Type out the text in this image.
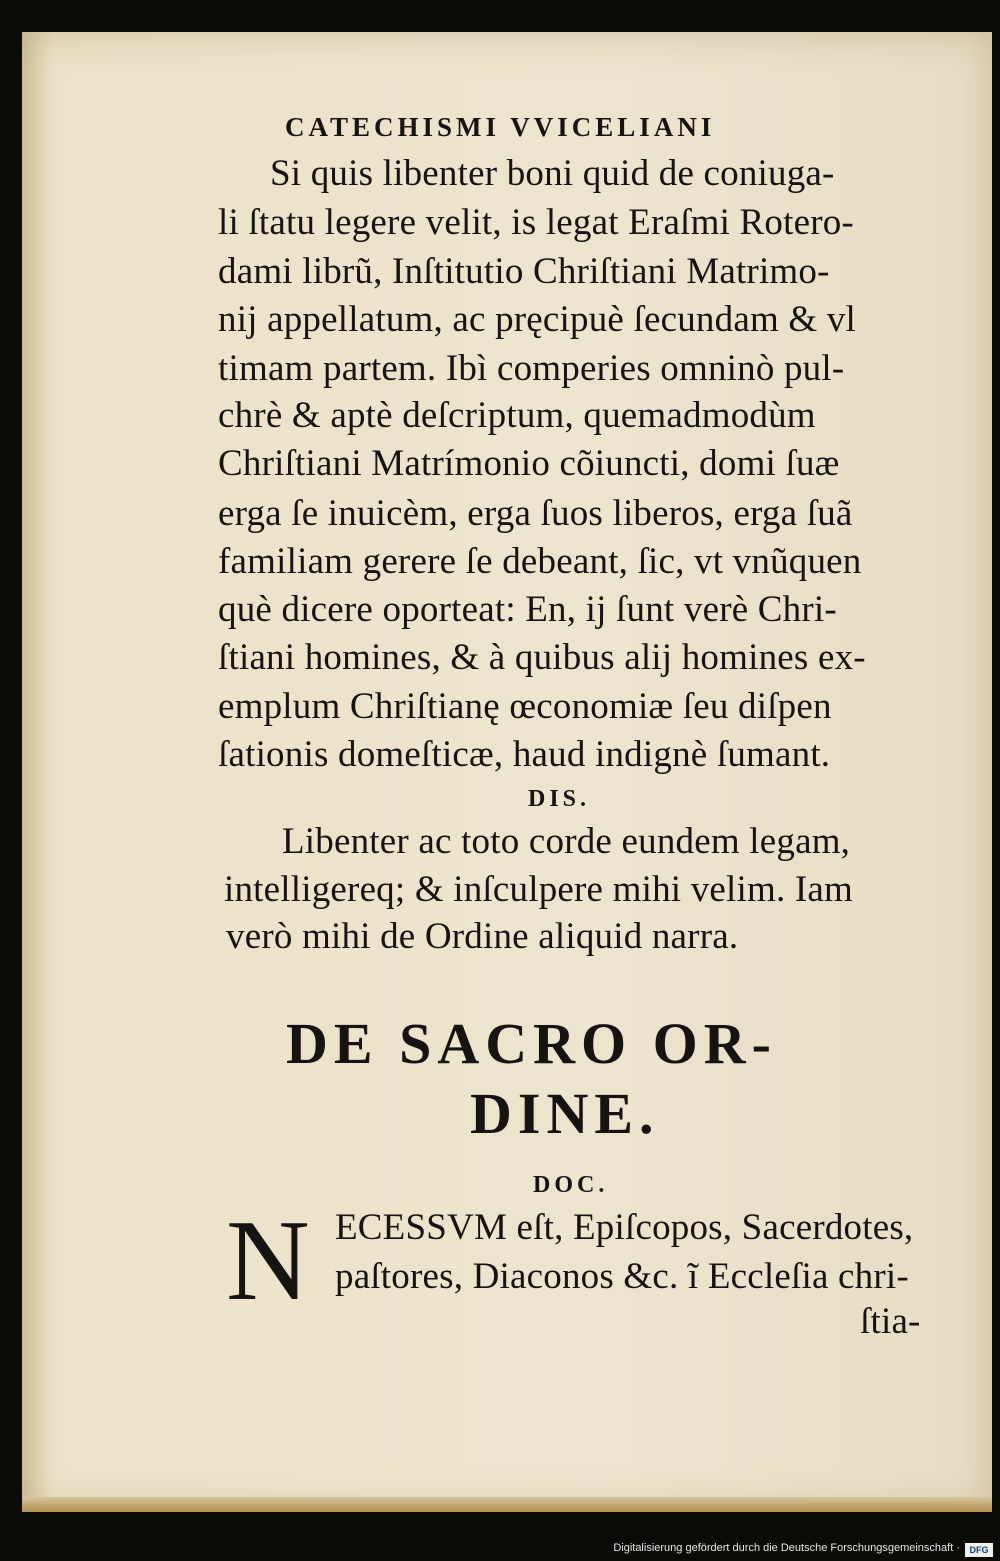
CATECHISMI VVICELIANI
Si quis libenter boni quid de coniuga-
li ſtatu legere velit, is legat Eraſmi Rotero-
dami librũ, Inſtitutio Chriſtiani Matrimo-
nij appellatum, ac pręcipuè ſecundam & vl
timam partem. Ibì comperies omninò pul-
chrè & aptè deſcriptum, quemadmodùm
Chriſtiani Matrímonio cõiuncti, domi ſuæ
erga ſe inuicèm, erga ſuos liberos, erga ſuã
familiam gerere ſe debeant, ſic, vt vnũquen
què dicere oporteat: En, ij ſunt verè Chri-
ſtiani homines, & à quibus alij homines ex-
emplum Chriſtianę œconomiæ ſeu diſpen
ſationis domeſticæ, haud indignè ſumant.
DIS.
Libenter ac toto corde eundem legam,
intelligereq; & inſculpere mihi velim. Iam
verò mihi de Ordine aliquid narra.
DE SACRO OR-
DINE.
DOC.
N ECESSVM eſt, Epiſcopos, Sacerdotes,
paſtores, Diaconos &c. ĩ Eccleſia chri-
ſtia-
Digitalisierung gefördert durch die Deutsche Forschungsgemeinschaft ·	DFG
